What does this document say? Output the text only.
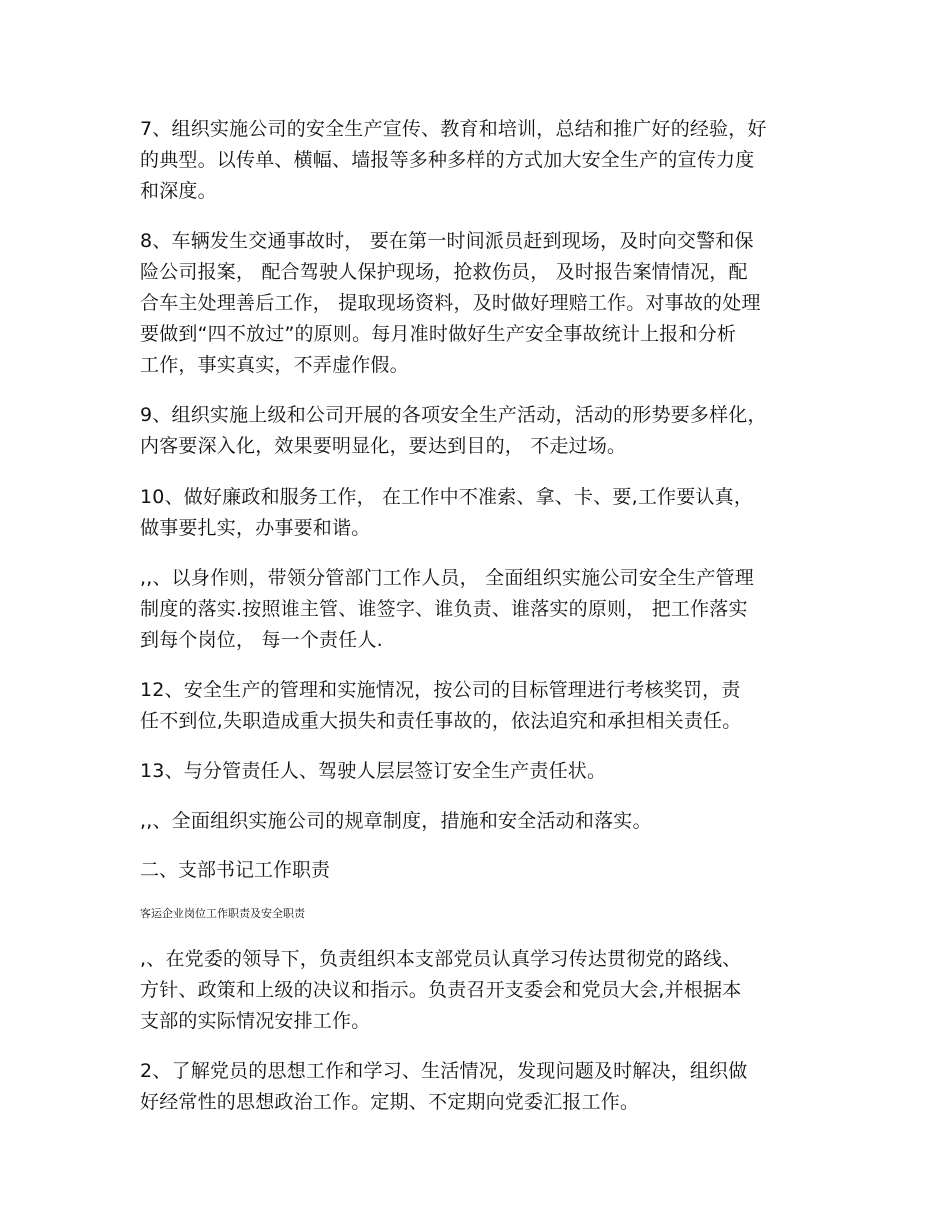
7、组织实施公司的安全生产宣传、教育和培训，总结和推广好的经验，好
的典型。以传单、横幅、墙报等多种多样的方式加大安全生产的宣传力度
和深度。
8、车辆发生交通事故时， 要在第一时间派员赶到现场，及时向交警和保
险公司报案， 配合驾驶人保护现场，抢救伤员， 及时报告案情情况，配
合车主处理善后工作， 提取现场资料，及时做好理赔工作。对事故的处理
要做到“四不放过”的原则。每月准时做好生产安全事故统计上报和分析
工作，事实真实，不弄虚作假。
9、组织实施上级和公司开展的各项安全生产活动，活动的形势要多样化，
内客要深入化，效果要明显化，要达到目的， 不走过场。
10、做好廉政和服务工作， 在工作中不准索、拿、卡、要,工作要认真，
做事要扎实，办事要和谐。
,,、以身作则，带领分管部门工作人员， 全面组织实施公司安全生产管理
制度的落实.按照谁主管、谁签字、谁负责、谁落实的原则， 把工作落实
到每个岗位， 每一个责任人.
12、安全生产的管理和实施情况，按公司的目标管理进行考核奖罚，责
任不到位,失职造成重大损失和责任事故的，依法追究和承担相关责任。
13、与分管责任人、驾驶人层层签订安全生产责任状。
,,、全面组织实施公司的规章制度，措施和安全活动和落实。
二、支部书记工作职责

客运企业岗位工作职责及安全职责

,、在党委的领导下，负责组织本支部党员认真学习传达贯彻党的路线、
方针、政策和上级的决议和指示。负责召开支委会和党员大会,并根据本
支部的实际情况安排工作。
2、了解党员的思想工作和学习、生活情况，发现问题及时解决，组织做
好经常性的思想政治工作。定期、不定期向党委汇报工作。
